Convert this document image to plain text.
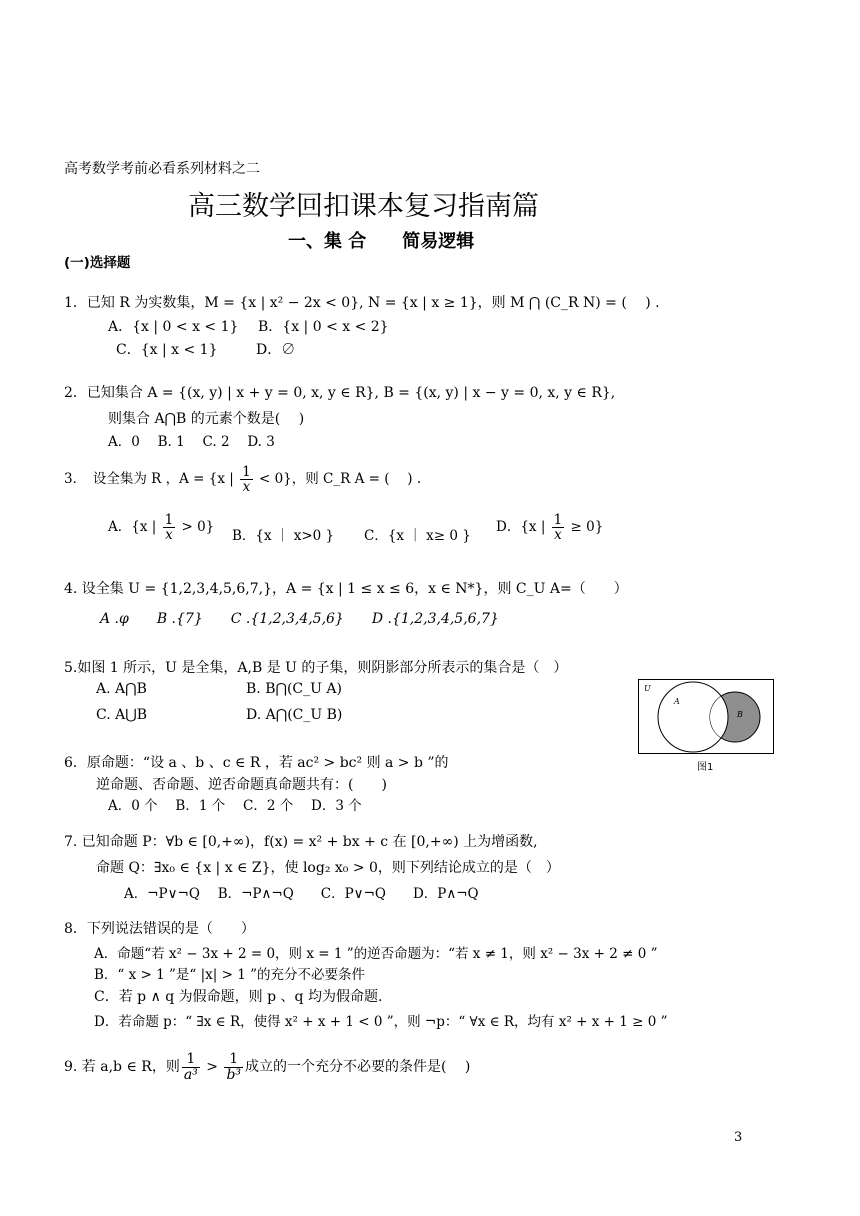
高考数学考前必看系列材料之二
高三数学回扣课本复习指南篇
一、集 合　　简易逻辑
(一)选择题
1．已知 R 为实数集，M = {x | x² − 2x < 0}, N = {x | x ≥ 1}，则 M ⋂ (C_R N) = (　 ) .
A．{x | 0 < x < 1} B．{x | 0 < x < 2}
C．{x | x < 1}	D．∅
2．已知集合 A = {(x, y) | x + y = 0, x, y ∈ R}, B = {(x, y) | x − y = 0, x, y ∈ R},
则集合 A⋂B 的元素个数是(　 )
A．0　 B. 1　 C. 2　 D. 3
3．　设全集为 R ，A = {x | $\frac{1}{x} < 0$}，则 C_R A = (　 ) .
A．{x | $\frac{1}{x} > 0$}
B．{x ｜ x>0 } C．{x ｜ x≥ 0 }
D．{x | $\frac{1}{x} \ge 0$}
4. 设全集 U = {1,2,3,4,5,6,7,}，A = {x | 1 ≤ x ≤ 6，x ∈ N*}，则 C_U A=（　　）
A .φ　　B .{7}　　C .{1,2,3,4,5,6}　　D .{1,2,3,4,5,6,7}
5.如图 1 所示，U 是全集，A,B 是 U 的子集，则阴影部分所表示的集合是（　）
A. A⋂B	B. B⋂(C_U A)
C. A⋃B	D. A⋂(C_U B)
U
A
B
图1
6．原命题：“设 a 、b 、c ∈ R ，若 ac² > bc² 则 a > b ”的
逆命题、否命题、逆否命题真命题共有：(　　)
A．0 个　 B．1 个　 C．2 个　 D．3 个
7. 已知命题 P：∀b ∈ [0,+∞)，f(x) = x² + bx + c 在 [0,+∞) 上为增函数,
命题 Q：∃x₀ ∈ {x | x ∈ Z}，使 log₂ x₀ > 0，则下列结论成立的是（　）
A．¬P∨¬Q　 B．¬P∧¬Q　　C．P∨¬Q　　D．P∧¬Q
8．下列说法错误的是（　　）
A．命题“若 x² − 3x + 2 = 0，则 x = 1 ”的逆否命题为：“若 x ≠ 1，则 x² − 3x + 2 ≠ 0 ”
B．“ x > 1 ”是“ |x| > 1 ”的充分不必要条件
C．若 p ∧ q 为假命题，则 p 、q 均为假命题.
D．若命题 p：“ ∃x ∈ R，使得 x² + x + 1 < 0 ”，则 ¬p：“ ∀x ∈ R，均有 x² + x + 1 ≥ 0 ”
9. 若 a,b ∈ R，则 $\frac{1}{\text{a³}} > \frac{1}{\text{b³}}$ 成立的一个充分不必要的条件是(　 )
3
